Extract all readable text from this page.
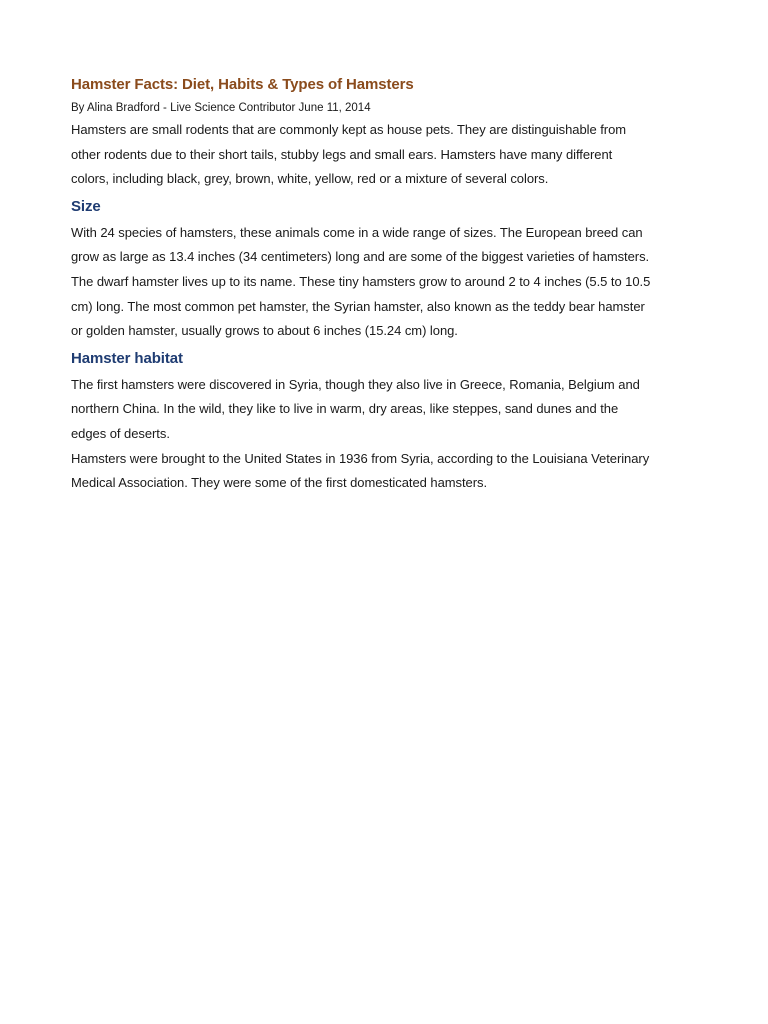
Hamster Facts: Diet, Habits & Types of Hamsters

By Alina Bradford - Live Science Contributor June 11, 2014

Hamsters are small rodents that are commonly kept as house pets. They are distinguishable from
other rodents due to their short tails, stubby legs and small ears. Hamsters have many different
colors, including black, grey, brown, white, yellow, red or a mixture of several colors.

Size

With 24 species of hamsters, these animals come in a wide range of sizes. The European breed can
grow as large as 13.4 inches (34 centimeters) long and are some of the biggest varieties of hamsters.
The dwarf hamster lives up to its name. These tiny hamsters grow to around 2 to 4 inches (5.5 to 10.5
cm) long. The most common pet hamster, the Syrian hamster, also known as the teddy bear hamster
or golden hamster, usually grows to about 6 inches (15.24 cm) long.

Hamster habitat

The first hamsters were discovered in Syria, though they also live in Greece, Romania, Belgium and
northern China. In the wild, they like to live in warm, dry areas, like steppes, sand dunes and the
edges of deserts.

Hamsters were brought to the United States in 1936 from Syria, according to the Louisiana Veterinary
Medical Association. They were some of the first domesticated hamsters.
